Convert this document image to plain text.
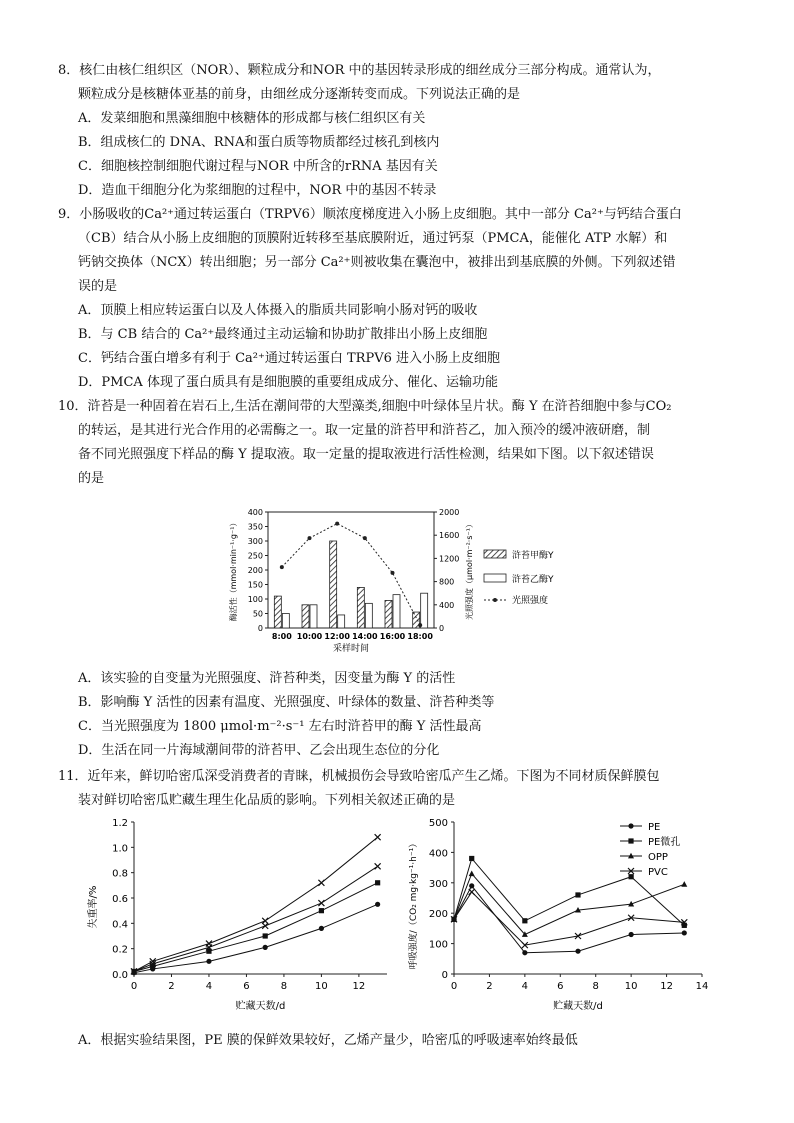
8．核仁由核仁组织区（NOR）、颗粒成分和NOR 中的基因转录形成的细丝成分三部分构成。通常认为，
颗粒成分是核糖体亚基的前身，由细丝成分逐渐转变而成。下列说法正确的是
A．发菜细胞和黑藻细胞中核糖体的形成都与核仁组织区有关
B．组成核仁的 DNA、RNA和蛋白质等物质都经过核孔到核内
C．细胞核控制细胞代谢过程与NOR 中所含的rRNA 基因有关
D．造血干细胞分化为浆细胞的过程中，NOR 中的基因不转录
9．小肠吸收的Ca²⁺通过转运蛋白（TRPV6）顺浓度梯度进入小肠上皮细胞。其中一部分 Ca²⁺与钙结合蛋白
（CB）结合从小肠上皮细胞的顶膜附近转移至基底膜附近，通过钙泵（PMCA，能催化 ATP 水解）和
钙钠交换体（NCX）转出细胞；另一部分 Ca²⁺则被收集在囊泡中，被排出到基底膜的外侧。下列叙述错
误的是
A．顶膜上相应转运蛋白以及人体摄入的脂质共同影响小肠对钙的吸收
B．与 CB 结合的 Ca²⁺最终通过主动运输和协助扩散排出小肠上皮细胞
C．钙结合蛋白增多有利于 Ca²⁺通过转运蛋白 TRPV6 进入小肠上皮细胞
D．PMCA 体现了蛋白质具有是细胞膜的重要组成成分、催化、运输功能
10．浒苔是一种固着在岩石上,生活在潮间带的大型藻类,细胞中叶绿体呈片状。酶 Y 在浒苔细胞中参与CO₂
的转运，是其进行光合作用的必需酶之一。取一定量的浒苔甲和浒苔乙，加入预冷的缓冲液研磨，制
备不同光照强度下样品的酶 Y 提取液。取一定量的提取液进行活性检测，结果如下图。以下叙述错误
的是
0
50
100
150
200
250
300
350
400
0
400
800
1200
1600
2000
8:00 10:00 12:00 14:00 16:00 18:00
采样时间
酶活性（mmol·min⁻¹·g⁻¹）	光照强度（μmol·m⁻²·s⁻¹）	浒苔甲酶Y
浒苔乙酶Y
光照强度
A．该实验的自变量为光照强度、浒苔种类，因变量为酶 Y 的活性
B．影响酶 Y 活性的因素有温度、光照强度、叶绿体的数量、浒苔种类等
C．当光照强度为 1800 μmol·m⁻²·s⁻¹ 左右时浒苔甲的酶 Y 活性最高
D．生活在同一片海域潮间带的浒苔甲、乙会出现生态位的分化
11．近年来，鲜切哈密瓜深受消费者的青睐，机械损伤会导致哈密瓜产生乙烯。下图为不同材质保鲜膜包
装对鲜切哈密瓜贮藏生理生化品质的影响。下列相关叙述正确的是
0.0
0.2
0.4
0.6
0.8
1.0
1.2
0	2	4	6	8	10 12
贮藏天数/d
失重率/%
0
100
200
300
400
500
0	2	4	6	8	10 12 14
贮藏天数/d
呼吸强度/（CO₂ mg·kg⁻¹·h⁻¹）
PE
PE微孔
OPP
PVC
A．根据实验结果图，PE 膜的保鲜效果较好，乙烯产量少，哈密瓜的呼吸速率始终最低
